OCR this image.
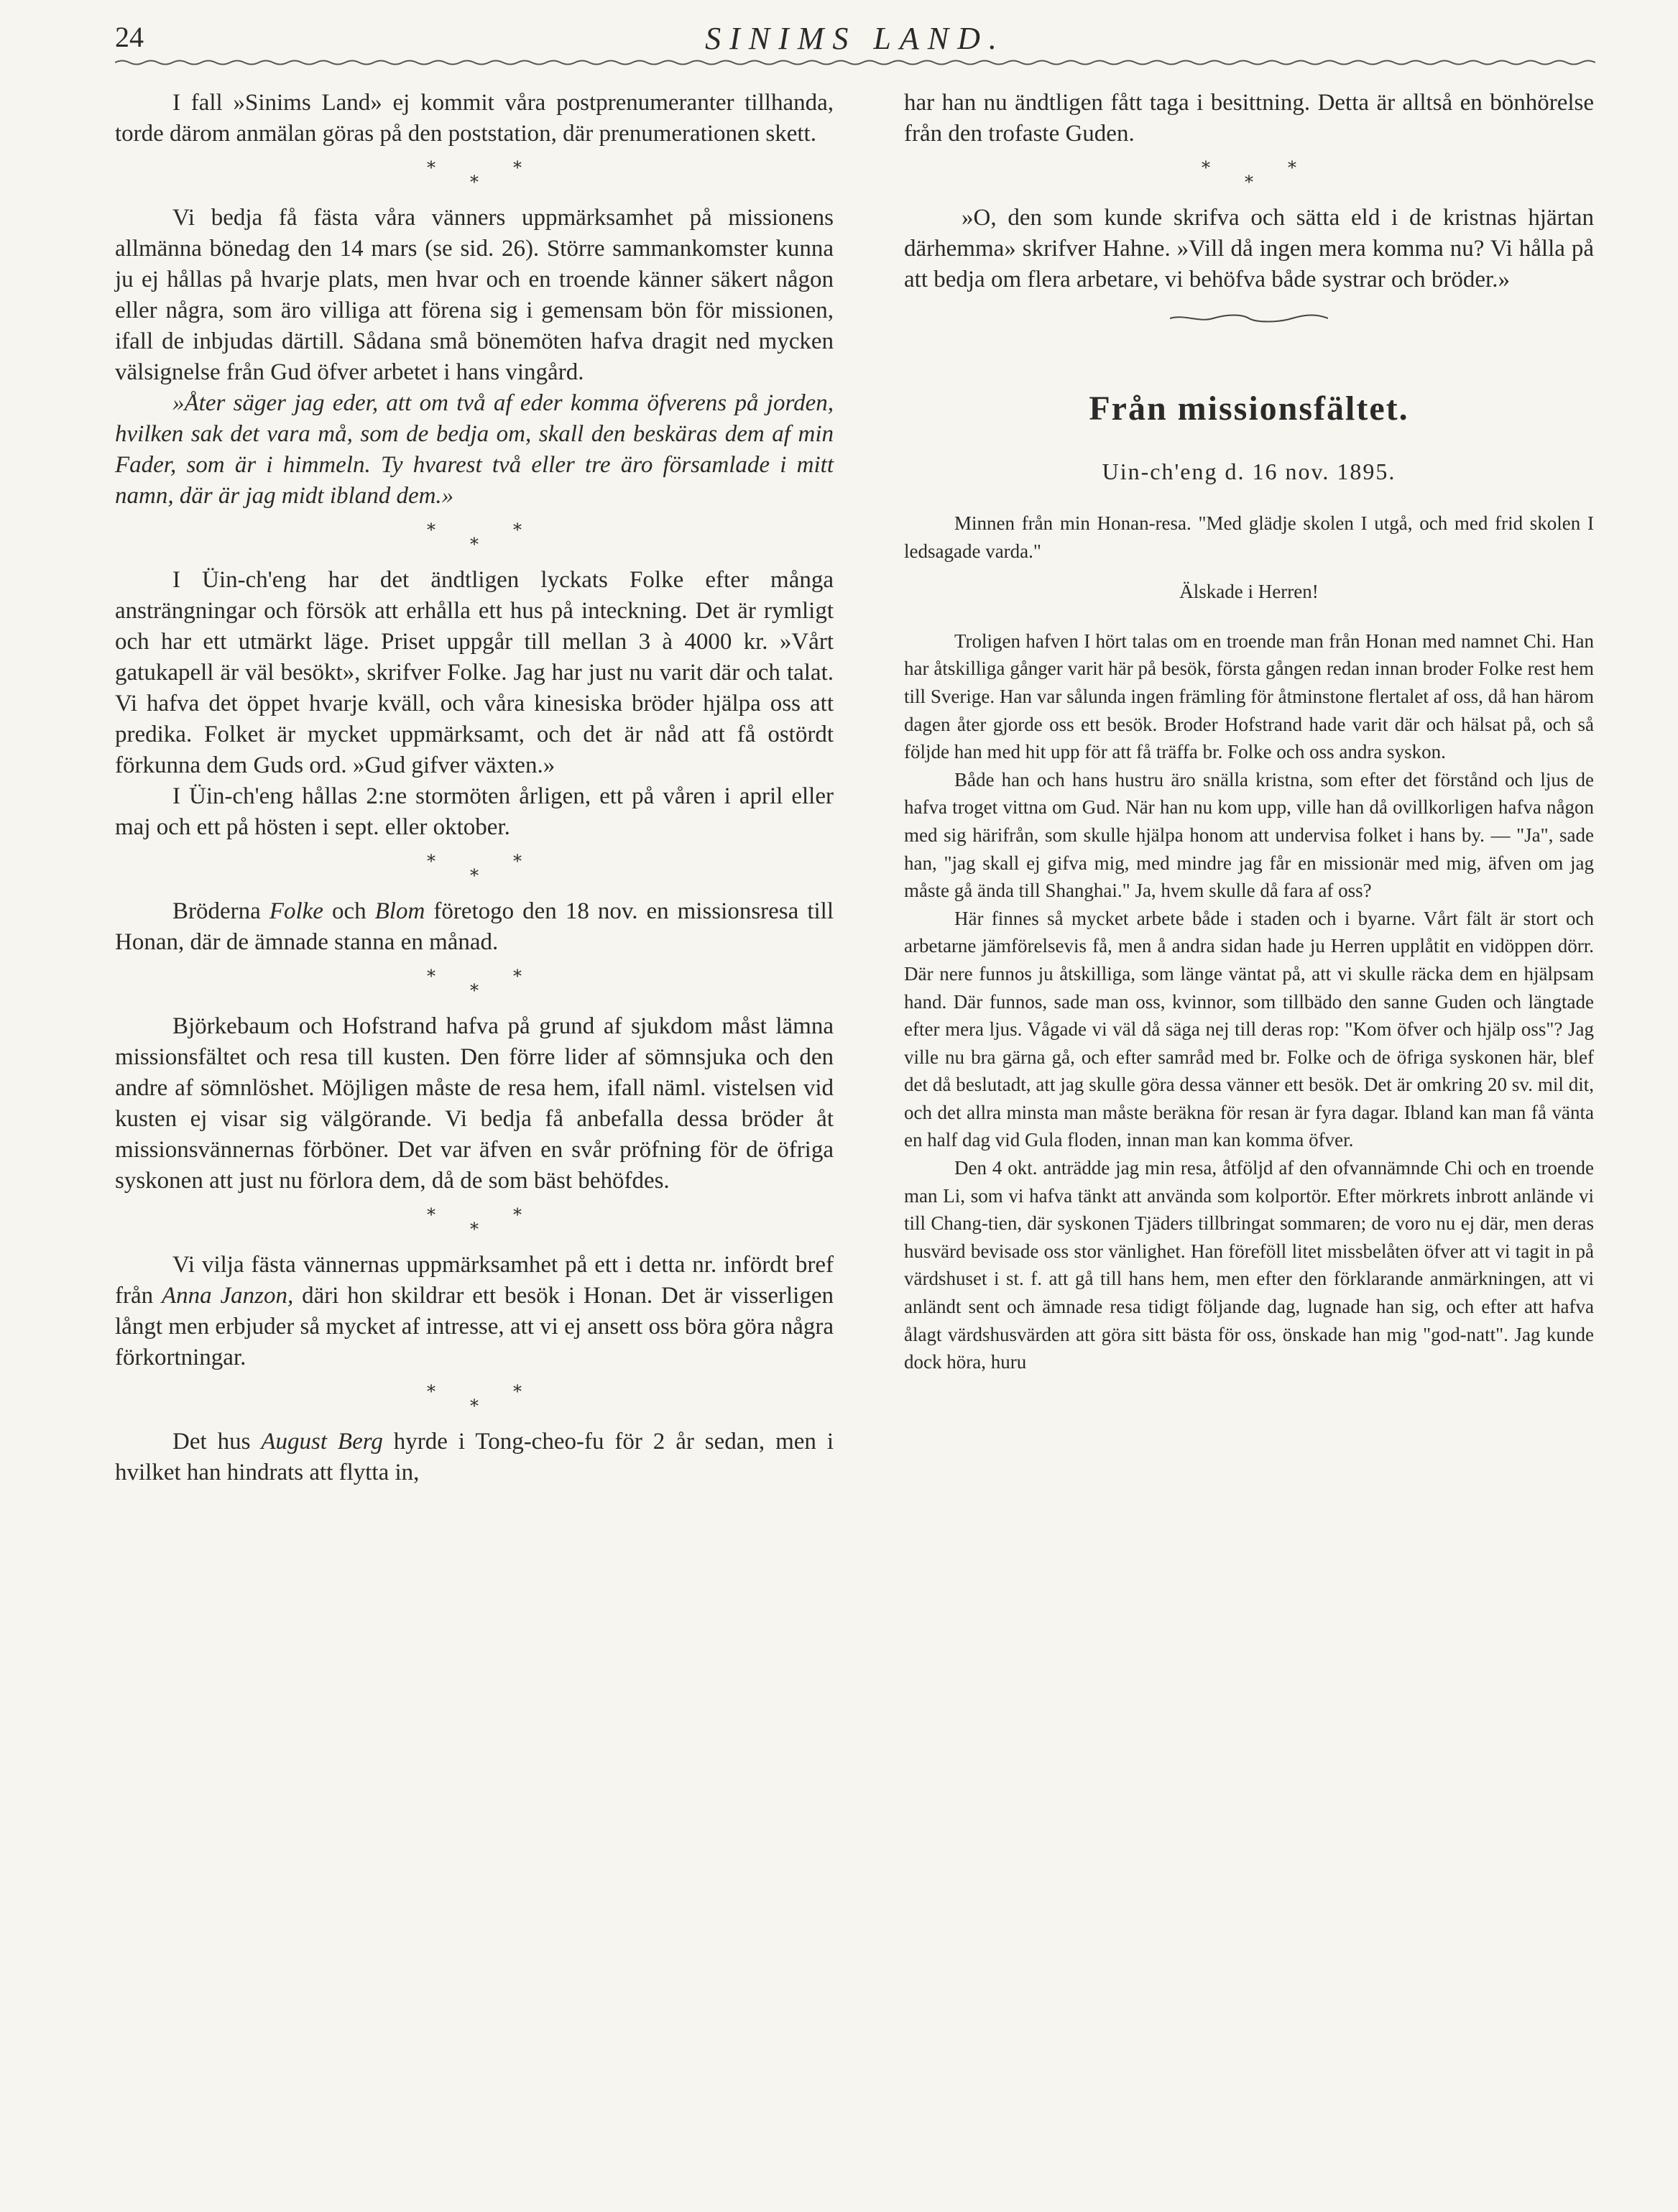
24	SINIMS LAND.

I fall »Sinims Land» ej kommit våra postprenumeranter tillhanda, torde därom anmälan göras på den poststation, där prenumerationen skett.

⁎⁎⁎

Vi bedja få fästa våra vänners uppmärksamhet på missionens allmänna bönedag den 14 mars (se sid. 26). Större sammankomster kunna ju ej hållas på hvarje plats, men hvar och en troende känner säkert någon eller några, som äro villiga att förena sig i gemensam bön för missionen, ifall de inbjudas därtill. Sådana små bönemöten hafva dragit ned mycken välsignelse från Gud öfver arbetet i hans vingård.

»Åter säger jag eder, att om två af eder komma öfverens på jorden, hvilken sak det vara må, som de bedja om, skall den beskäras dem af min Fader, som är i himmeln. Ty hvarest två eller tre äro församlade i mitt namn, där är jag midt ibland dem.»

⁎⁎⁎

I Üin-ch'eng har det ändtligen lyckats Folke efter många ansträngningar och försök att erhålla ett hus på inteckning. Det är rymligt och har ett utmärkt läge. Priset uppgår till mellan 3 à 4000 kr. »Vårt gatukapell är väl besökt», skrifver Folke. Jag har just nu varit där och talat. Vi hafva det öppet hvarje kväll, och våra kinesiska bröder hjälpa oss att predika. Folket är mycket uppmärksamt, och det är nåd att få ostördt förkunna dem Guds ord. »Gud gifver växten.»

I Üin-ch'eng hållas 2:ne stormöten årligen, ett på våren i april eller maj och ett på hösten i sept. eller oktober.

⁎⁎⁎

Bröderna Folke och Blom företogo den 18 nov. en missionsresa till Honan, där de ämnade stanna en månad.

⁎⁎⁎

Björkebaum och Hofstrand hafva på grund af sjukdom måst lämna missionsfältet och resa till kusten. Den förre lider af sömnsjuka och den andre af sömnlöshet. Möjligen måste de resa hem, ifall näml. vistelsen vid kusten ej visar sig välgörande. Vi bedja få anbefalla dessa bröder åt missionsvännernas förböner. Det var äfven en svår pröfning för de öfriga syskonen att just nu förlora dem, då de som bäst behöfdes.

⁎⁎⁎

Vi vilja fästa vännernas uppmärksamhet på ett i detta nr. infördt bref från Anna Janzon, däri hon skildrar ett besök i Honan. Det är visserligen långt men erbjuder så mycket af intresse, att vi ej ansett oss böra göra några förkortningar.

⁎⁎⁎

Det hus August Berg hyrde i Tong-cheo-fu för 2 år sedan, men i hvilket han hindrats att flytta in,

har han nu ändtligen fått taga i besittning. Detta är alltså en bönhörelse från den trofaste Guden.

⁎⁎⁎

»O, den som kunde skrifva och sätta eld i de kristnas hjärtan därhemma» skrifver Hahne. »Vill då ingen mera komma nu? Vi hålla på att bedja om flera arbetare, vi behöfva både systrar och bröder.»

Från missionsfältet.
Uin-ch'eng d. 16 nov. 1895.

Minnen från min Honan-resa. "Med glädje skolen I utgå, och med frid skolen I ledsagade varda."

Älskade i Herren!

Troligen hafven I hört talas om en troende man från Honan med namnet Chi. Han har åtskilliga gånger varit här på besök, första gången redan innan broder Folke rest hem till Sverige. Han var sålunda ingen främling för åtminstone flertalet af oss, då han härom dagen åter gjorde oss ett besök. Broder Hofstrand hade varit där och hälsat på, och så följde han med hit upp för att få träffa br. Folke och oss andra syskon.

Både han och hans hustru äro snälla kristna, som efter det förstånd och ljus de hafva troget vittna om Gud. När han nu kom upp, ville han då ovillkorligen hafva någon med sig härifrån, som skulle hjälpa honom att undervisa folket i hans by. — "Ja", sade han, "jag skall ej gifva mig, med mindre jag får en missionär med mig, äfven om jag måste gå ända till Shanghai." Ja, hvem skulle då fara af oss?

Här finnes så mycket arbete både i staden och i byarne. Vårt fält är stort och arbetarne jämförelsevis få, men å andra sidan hade ju Herren upplåtit en vidöppen dörr. Där nere funnos ju åtskilliga, som länge väntat på, att vi skulle räcka dem en hjälpsam hand. Där funnos, sade man oss, kvinnor, som tillbädo den sanne Guden och längtade efter mera ljus. Vågade vi väl då säga nej till deras rop: "Kom öfver och hjälp oss"? Jag ville nu bra gärna gå, och efter samråd med br. Folke och de öfriga syskonen här, blef det då beslutadt, att jag skulle göra dessa vänner ett besök. Det är omkring 20 sv. mil dit, och det allra minsta man måste beräkna för resan är fyra dagar. Ibland kan man få vänta en half dag vid Gula floden, innan man kan komma öfver.

Den 4 okt. anträdde jag min resa, åtföljd af den ofvannämnde Chi och en troende man Li, som vi hafva tänkt att använda som kolportör. Efter mörkrets inbrott anlände vi till Chang-tien, där syskonen Tjäders tillbringat sommaren; de voro nu ej där, men deras husvärd bevisade oss stor vänlighet. Han föreföll litet missbelåten öfver att vi tagit in på värdshuset i st. f. att gå till hans hem, men efter den förklarande anmärkningen, att vi anländt sent och ämnade resa tidigt följande dag, lugnade han sig, och efter att hafva ålagt värdshusvärden att göra sitt bästa för oss, önskade han mig "god-natt". Jag kunde dock höra, huru
